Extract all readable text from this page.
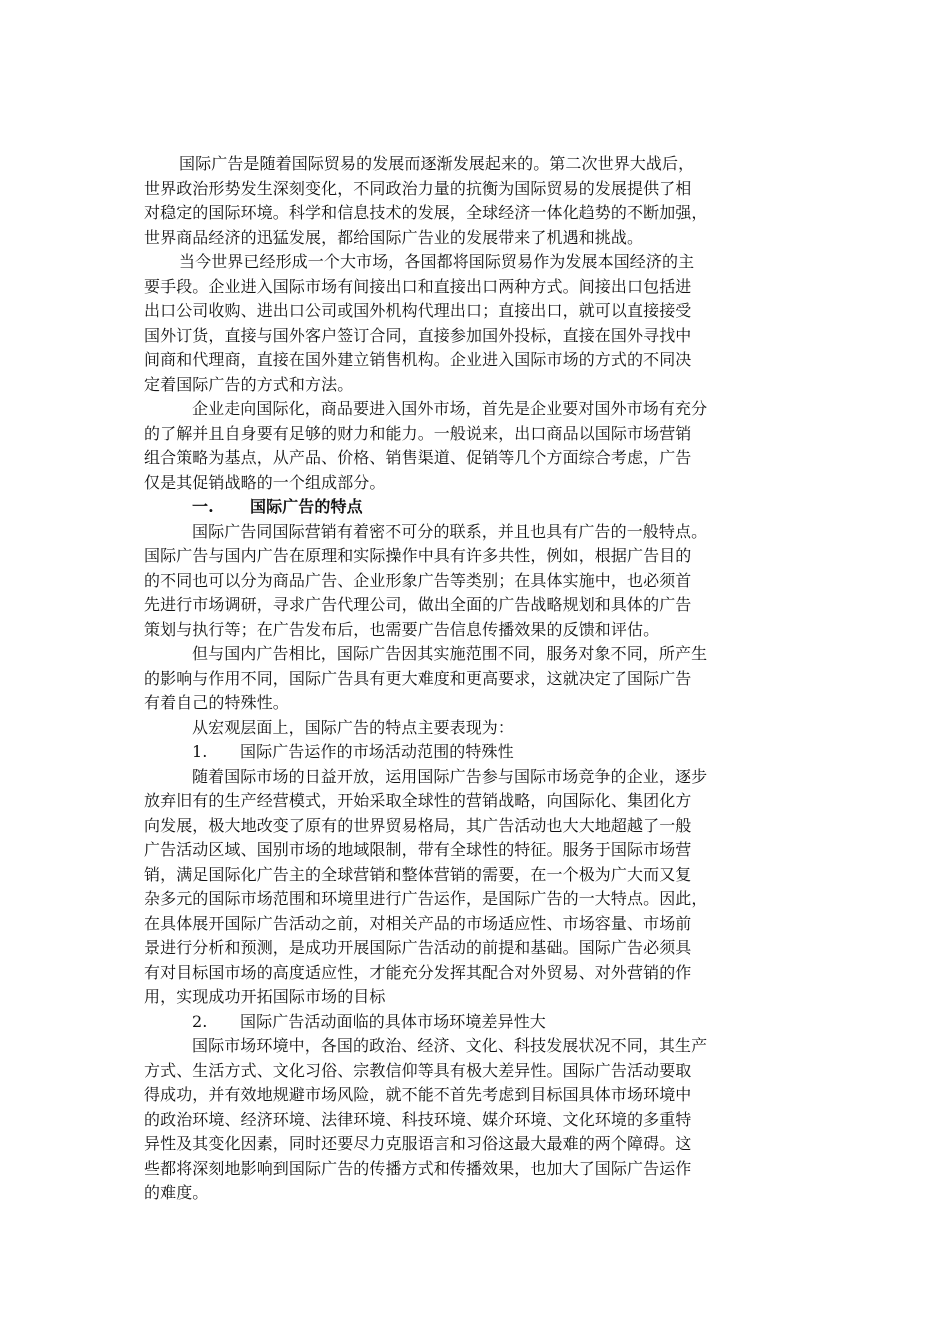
国际广告是随着国际贸易的发展而逐渐发展起来的。第二次世界大战后，
世界政治形势发生深刻变化，不同政治力量的抗衡为国际贸易的发展提供了相
对稳定的国际环境。科学和信息技术的发展，全球经济一体化趋势的不断加强，
世界商品经济的迅猛发展，都给国际广告业的发展带来了机遇和挑战。
当今世界已经形成一个大市场，各国都将国际贸易作为发展本国经济的主
要手段。企业进入国际市场有间接出口和直接出口两种方式。间接出口包括进
出口公司收购、进出口公司或国外机构代理出口；直接出口，就可以直接接受
国外订货，直接与国外客户签订合同，直接参加国外投标，直接在国外寻找中
间商和代理商，直接在国外建立销售机构。企业进入国际市场的方式的不同决
定着国际广告的方式和方法。
企业走向国际化，商品要进入国外市场，首先是企业要对国外市场有充分
的了解并且自身要有足够的财力和能力。一般说来，出口商品以国际市场营销
组合策略为基点，从产品、价格、销售渠道、促销等几个方面综合考虑，广告
仅是其促销战略的一个组成部分。
一. 国际广告的特点
国际广告同国际营销有着密不可分的联系，并且也具有广告的一般特点。
国际广告与国内广告在原理和实际操作中具有许多共性，例如，根据广告目的
的不同也可以分为商品广告、企业形象广告等类别；在具体实施中，也必须首
先进行市场调研，寻求广告代理公司，做出全面的广告战略规划和具体的广告
策划与执行等；在广告发布后，也需要广告信息传播效果的反馈和评估。
但与国内广告相比，国际广告因其实施范围不同，服务对象不同，所产生
的影响与作用不同，国际广告具有更大难度和更高要求，这就决定了国际广告
有着自己的特殊性。
从宏观层面上，国际广告的特点主要表现为：
1. 国际广告运作的市场活动范围的特殊性
随着国际市场的日益开放，运用国际广告参与国际市场竞争的企业，逐步
放弃旧有的生产经营模式，开始采取全球性的营销战略，向国际化、集团化方
向发展，极大地改变了原有的世界贸易格局，其广告活动也大大地超越了一般
广告活动区域、国别市场的地域限制，带有全球性的特征。服务于国际市场营
销，满足国际化广告主的全球营销和整体营销的需要，在一个极为广大而又复
杂多元的国际市场范围和环境里进行广告运作，是国际广告的一大特点。因此，
在具体展开国际广告活动之前，对相关产品的市场适应性、市场容量、市场前
景进行分析和预测，是成功开展国际广告活动的前提和基础。国际广告必须具
有对目标国市场的高度适应性，才能充分发挥其配合对外贸易、对外营销的作
用，实现成功开拓国际市场的目标
2. 国际广告活动面临的具体市场环境差异性大
国际市场环境中，各国的政治、经济、文化、科技发展状况不同，其生产
方式、生活方式、文化习俗、宗教信仰等具有极大差异性。国际广告活动要取
得成功，并有效地规避市场风险，就不能不首先考虑到目标国具体市场环境中
的政治环境、经济环境、法律环境、科技环境、媒介环境、文化环境的多重特
异性及其变化因素，同时还要尽力克服语言和习俗这最大最难的两个障碍。这
些都将深刻地影响到国际广告的传播方式和传播效果，也加大了国际广告运作
的难度。
